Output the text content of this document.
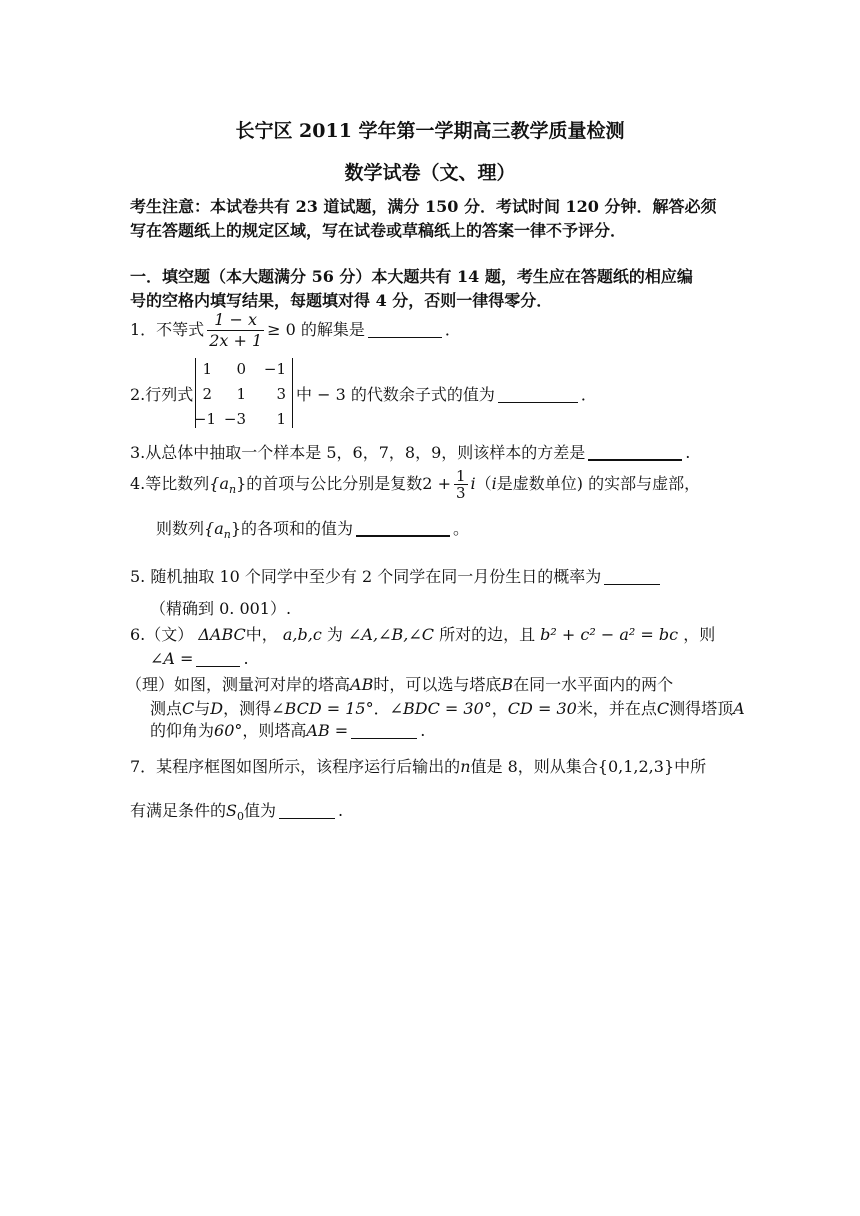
长宁区 2011 学年第一学期高三教学质量检测
数学试卷（文、理）
考生注意：本试卷共有 23 道试题，满分 150 分．考试时间 120 分钟．解答必须
写在答题纸上的规定区域，写在试卷或草稿纸上的答案一律不予评分．
一．填空题（本大题满分 56 分）本大题共有 14 题，考生应在答题纸的相应编
号的空格内填写结果，每题填对得 4 分，否则一律得零分．
1．不等式 $\frac{1 - x}{2x + 1} \ge 0$ 的解集是	．
2.行列式
1	0	−1
2	1	3
−1 −3	1
中 − 3 的代数余子式的值为	．
3.从总体中抽取一个样本是 5，6，7，8，9，则该样本的方差是	.
4.等比数列$\{a_n\}$的首项与公比分别是复数$2 + \frac{1}{3} i(i$是虚数单位) 的实部与虚部，
则数列$\{a_n\}$的各项和的值为	。
5. 随机抽取 10 个同学中至少有 2 个同学在同一月份生日的概率为
（精确到 0. 001）.
6.（文） ΔABC中， a,b,c 为 ∠A,∠B,∠C 所对的边，且 b² + c² − a² = bc ，则
∠A =	.
（理）如图，测量河对岸的塔高AB时，可以选与塔底B在同一水平面内的两个
测点C与D，测得∠BCD = 15°．∠BDC = 30°，CD = 30米，并在点C测得塔顶A
的仰角为60°，则塔高AB =	.
7．某程序框图如图所示，该程序运行后输出的n值是 8，则从集合{0,1,2,3}中所
有满足条件的$S_0$值为	.
